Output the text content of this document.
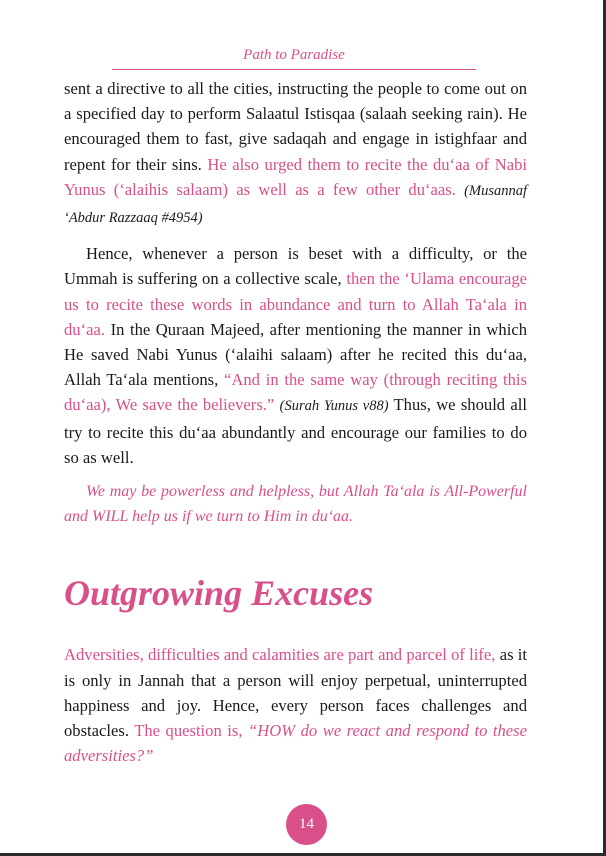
Path to Paradise

sent a directive to all the cities, instructing the people to come out on a specified day to perform Salaatul Istisqaa (salaah seeking rain). He encouraged them to fast, give sadaqah and engage in istighfaar and repent for their sins. He also urged them to recite the du‘aa of Nabi Yunus (‘alaihis salaam) as well as a few other du‘aas. (Musannaf ‘Abdur Razzaaq #4954)

Hence, whenever a person is beset with a difficulty, or the Ummah is suffering on a collective scale, then the ‘Ulama encourage us to recite these words in abundance and turn to Allah Ta‘ala in du‘aa. In the Quraan Majeed, after mentioning the manner in which He saved Nabi Yunus (‘alaihi salaam) after he recited this du‘aa, Allah Ta‘ala mentions, “And in the same way (through reciting this du‘aa), We save the believers.” (Surah Yunus v88) Thus, we should all try to recite this du‘aa abundantly and encourage our families to do so as well.

We may be powerless and helpless, but Allah Ta‘ala is All-Powerful and WILL help us if we turn to Him in du‘aa.

Outgrowing Excuses

Adversities, difficulties and calamities are part and parcel of life, as it is only in Jannah that a person will enjoy perpetual, uninterrupted happiness and joy. Hence, every person faces challenges and obstacles. The question is, “HOW do we react and respond to these adversities?”

14
